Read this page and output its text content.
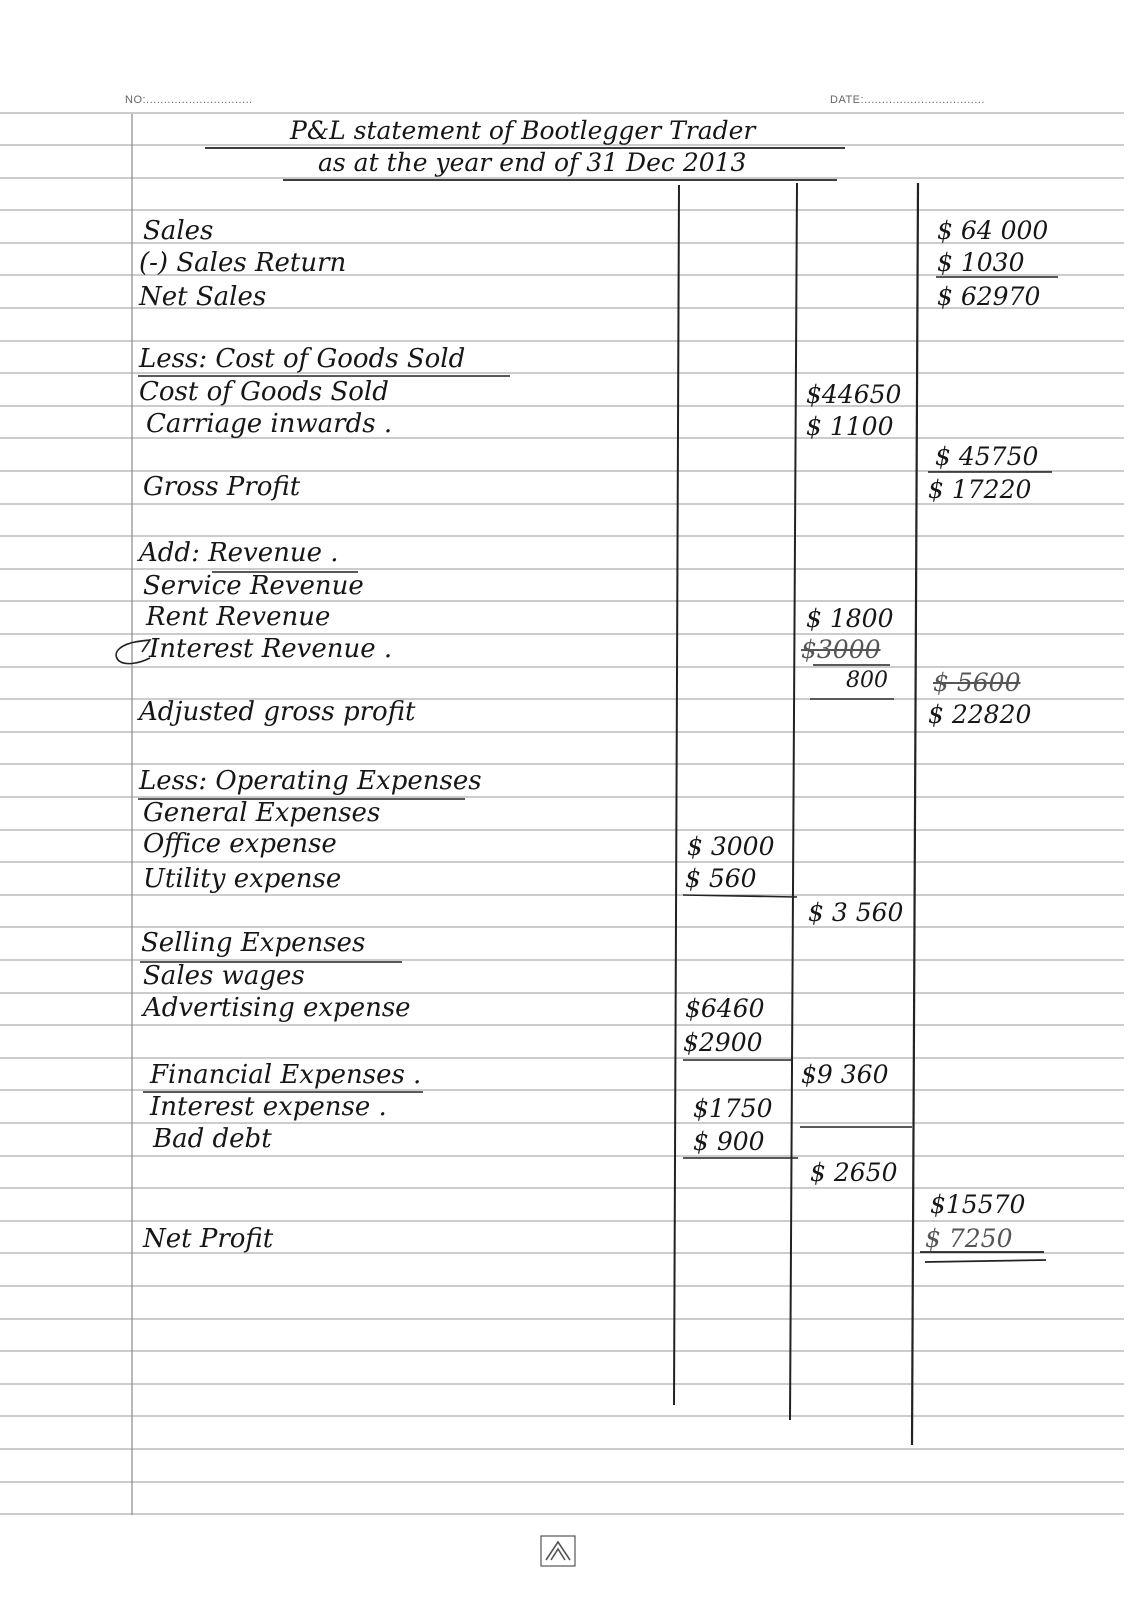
NO:..............................	DATE:..................................
P&L statement of Bootlegger Trader
as at the year end of 31 Dec 2013
Sales
(-) Sales Return
Net Sales
Less: Cost of Goods Sold
Cost of Goods Sold
Carriage inwards .
Gross Profit
Add: Revenue .
Service Revenue
Rent Revenue
Interest Revenue .
Adjusted gross profit
Less: Operating Expenses
General Expenses
Office expense
Utility expense
Selling Expenses
Sales wages
Advertising expense
Financial Expenses .
Interest expense .
Bad debt
Net Profit
$ 3000
$ 560
$6460
$2900
$1750
$ 900
$44650
$ 1100
$ 1800
$3000
800
$ 3 560
$9 360
$ 2650
$ 64 000
$ 1030
$ 62970
$ 45750
$ 17220
$ 5600
$ 22820
$15570
$ 7250
